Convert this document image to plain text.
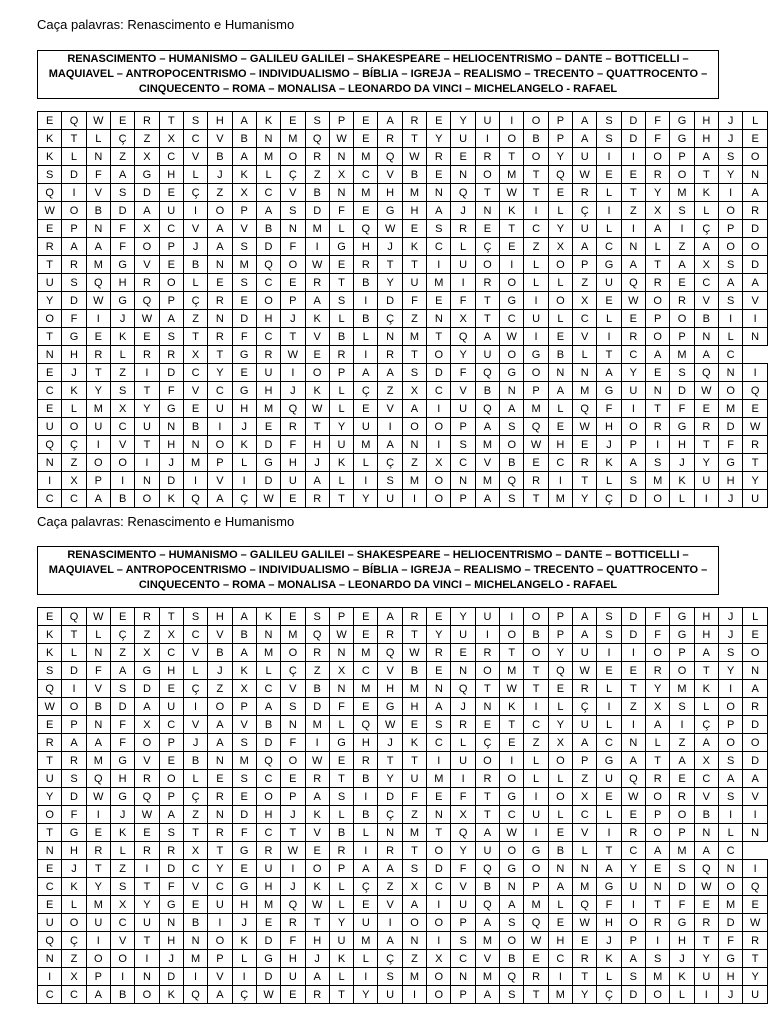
Caça palavras: Renascimento e Humanismo
RENASCIMENTO – HUMANISMO – GALILEU GALILEI – SHAKESPEARE – HELIOCENTRISMO – DANTE – BOTTICELLI –
MAQUIAVEL – ANTROPOCENTRISMO – INDIVIDUALISMO – BÍBLIA – IGREJA – REALISMO – TRECENTO – QUATTROCENTO –
CINQUECENTO – ROMA – MONALISA – LEONARDO DA VINCI – MICHELANGELO - RAFAEL
E	Q	W	E	R	T	S	H	A	K	E	S	P	E	A	R	E	Y	U	I	O	P	A	S	D	F	G	H	J	L
K	T	L	Ç	Z	X	C	V	B	N	M	Q	W	E	R	T	Y	U	I	O	B	P	A	S	D	F	G	H	J	E
K	L	N	Z	X	C	V	B	A	M	O	R	N	M	Q	W	R	E	R	T	O	Y	U	I	I	O	P	A	S	O
S	D	F	A	G	H	L	J	K	L	Ç	Z	X	C	V	B	E	N	O	M	T	Q	W	E	E	R	O	T	Y	N
Q	I	V	S	D	E	Ç	Z	X	C	V	B	N	M	H	M	N	Q	T	W	T	E	R	L	T	Y	M	K	I	A
W	O	B	D	A	U	I	O	P	A	S	D	F	E	G	H	A	J	N	K	I	L	Ç	I	Z	X	S	L	O	R
E	P	N	F	X	C	V	A	V	B	N	M	L	Q	W	E	S	R	E	T	C	Y	U	L	I	A	I	Ç	P	D
R	A	A	F	O	P	J	A	S	D	F	I	G	H	J	K	C	L	Ç	E	Z	X	A	C	N	L	Z	A	O	O
T	R	M	G	V	E	B	N	M	Q	O	W	E	R	T	T	I	U	O	I	L	O	P	G	A	T	A	X	S	D
U	S	Q	H	R	O	L	E	S	C	E	R	T	B	Y	U	M	I	R	O	L	L	Z	U	Q	R	E	C	A	A
Y	D	W	G	Q	P	Ç	R	E	O	P	A	S	I	D	F	E	F	T	G	I	O	X	E	W	O	R	V	S	V
O	F	I	J	W	A	Z	N	D	H	J	K	L	B	Ç	Z	N	X	T	C	U	L	C	L	E	P	O	B	I	I
T	G	E	K	E	S	T	R	F	C	T	V	B	L	N	M	T	Q	A	W	I	E	V	I	R	O	P	N	L	N
N	H	R	L	R	R	X	T	G	R	W	E	R	I	R	T	O	Y	U	O	G	B	L	T	C	A	M	A	C	
E	J	T	Z	I	D	C	Y	E	U	I	O	P	A	A	S	D	F	Q	G	O	N	N	A	Y	E	S	Q	N	I
C	K	Y	S	T	F	V	C	G	H	J	K	L	Ç	Z	X	C	V	B	N	P	A	M	G	U	N	D	W	O	Q
E	L	M	X	Y	G	E	U	H	M	Q	W	L	E	V	A	I	U	Q	A	M	L	Q	F	I	T	F	E	M	E
U	O	U	C	U	N	B	I	J	E	R	T	Y	U	I	O	O	P	A	S	Q	E	W	H	O	R	G	R	D	W
Q	Ç	I	V	T	H	N	O	K	D	F	H	U	M	A	N	I	S	M	O	W	H	E	J	P	I	H	T	F	R
N	Z	O	O	I	J	M	P	L	G	H	J	K	L	Ç	Z	X	C	V	B	E	C	R	K	A	S	J	Y	G	T
I	X	P	I	N	D	I	V	I	D	U	A	L	I	S	M	O	N	M	Q	R	I	T	L	S	M	K	U	H	Y
C	C	A	B	O	K	Q	A	Ç	W	E	R	T	Y	U	I	O	P	A	S	T	M	Y	Ç	D	O	L	I	J	U
Caça palavras: Renascimento e Humanismo
RENASCIMENTO – HUMANISMO – GALILEU GALILEI – SHAKESPEARE – HELIOCENTRISMO – DANTE – BOTTICELLI –
MAQUIAVEL – ANTROPOCENTRISMO – INDIVIDUALISMO – BÍBLIA – IGREJA – REALISMO – TRECENTO – QUATTROCENTO –
CINQUECENTO – ROMA – MONALISA – LEONARDO DA VINCI – MICHELANGELO - RAFAEL
E	Q	W	E	R	T	S	H	A	K	E	S	P	E	A	R	E	Y	U	I	O	P	A	S	D	F	G	H	J	L
K	T	L	Ç	Z	X	C	V	B	N	M	Q	W	E	R	T	Y	U	I	O	B	P	A	S	D	F	G	H	J	E
K	L	N	Z	X	C	V	B	A	M	O	R	N	M	Q	W	R	E	R	T	O	Y	U	I	I	O	P	A	S	O
S	D	F	A	G	H	L	J	K	L	Ç	Z	X	C	V	B	E	N	O	M	T	Q	W	E	E	R	O	T	Y	N
Q	I	V	S	D	E	Ç	Z	X	C	V	B	N	M	H	M	N	Q	T	W	T	E	R	L	T	Y	M	K	I	A
W	O	B	D	A	U	I	O	P	A	S	D	F	E	G	H	A	J	N	K	I	L	Ç	I	Z	X	S	L	O	R
E	P	N	F	X	C	V	A	V	B	N	M	L	Q	W	E	S	R	E	T	C	Y	U	L	I	A	I	Ç	P	D
R	A	A	F	O	P	J	A	S	D	F	I	G	H	J	K	C	L	Ç	E	Z	X	A	C	N	L	Z	A	O	O
T	R	M	G	V	E	B	N	M	Q	O	W	E	R	T	T	I	U	O	I	L	O	P	G	A	T	A	X	S	D
U	S	Q	H	R	O	L	E	S	C	E	R	T	B	Y	U	M	I	R	O	L	L	Z	U	Q	R	E	C	A	A
Y	D	W	G	Q	P	Ç	R	E	O	P	A	S	I	D	F	E	F	T	G	I	O	X	E	W	O	R	V	S	V
O	F	I	J	W	A	Z	N	D	H	J	K	L	B	Ç	Z	N	X	T	C	U	L	C	L	E	P	O	B	I	I
T	G	E	K	E	S	T	R	F	C	T	V	B	L	N	M	T	Q	A	W	I	E	V	I	R	O	P	N	L	N
N	H	R	L	R	R	X	T	G	R	W	E	R	I	R	T	O	Y	U	O	G	B	L	T	C	A	M	A	C	
E	J	T	Z	I	D	C	Y	E	U	I	O	P	A	A	S	D	F	Q	G	O	N	N	A	Y	E	S	Q	N	I
C	K	Y	S	T	F	V	C	G	H	J	K	L	Ç	Z	X	C	V	B	N	P	A	M	G	U	N	D	W	O	Q
E	L	M	X	Y	G	E	U	H	M	Q	W	L	E	V	A	I	U	Q	A	M	L	Q	F	I	T	F	E	M	E
U	O	U	C	U	N	B	I	J	E	R	T	Y	U	I	O	O	P	A	S	Q	E	W	H	O	R	G	R	D	W
Q	Ç	I	V	T	H	N	O	K	D	F	H	U	M	A	N	I	S	M	O	W	H	E	J	P	I	H	T	F	R
N	Z	O	O	I	J	M	P	L	G	H	J	K	L	Ç	Z	X	C	V	B	E	C	R	K	A	S	J	Y	G	T
I	X	P	I	N	D	I	V	I	D	U	A	L	I	S	M	O	N	M	Q	R	I	T	L	S	M	K	U	H	Y
C	C	A	B	O	K	Q	A	Ç	W	E	R	T	Y	U	I	O	P	A	S	T	M	Y	Ç	D	O	L	I	J	U
